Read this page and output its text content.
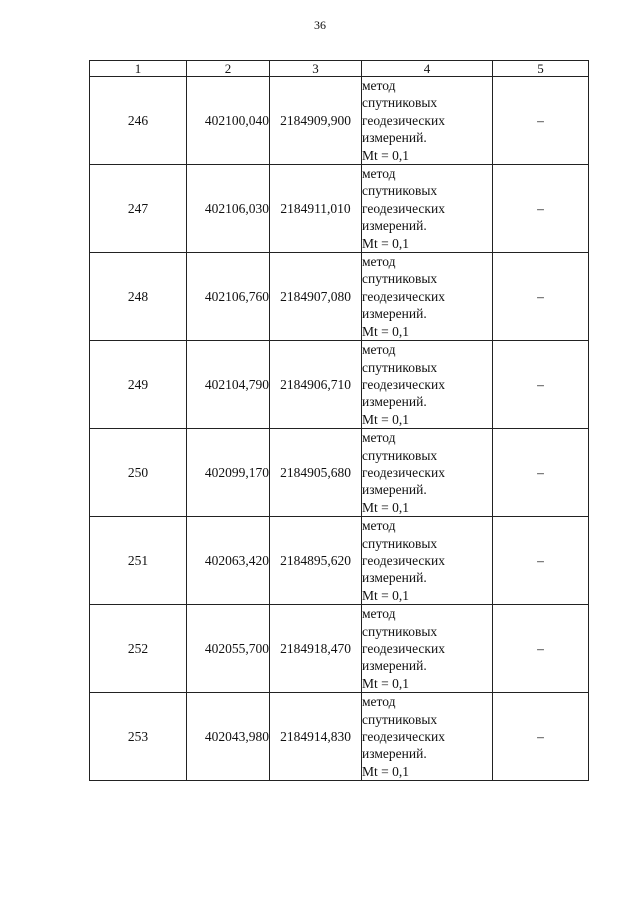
36
1	2	3	4	5
246	402100,040	2184909,900	метод
спутниковых
геодезических
измерений.
Mt = 0,1	–
247	402106,030	2184911,010	метод
спутниковых
геодезических
измерений.
Mt = 0,1	–
248	402106,760	2184907,080	метод
спутниковых
геодезических
измерений.
Mt = 0,1	–
249	402104,790	2184906,710	метод
спутниковых
геодезических
измерений.
Mt = 0,1	–
250	402099,170	2184905,680	метод
спутниковых
геодезических
измерений.
Mt = 0,1	–
251	402063,420	2184895,620	метод
спутниковых
геодезических
измерений.
Mt = 0,1	–
252	402055,700	2184918,470	метод
спутниковых
геодезических
измерений.
Mt = 0,1	–
253	402043,980	2184914,830	метод
спутниковых
геодезических
измерений.
Mt = 0,1	–
